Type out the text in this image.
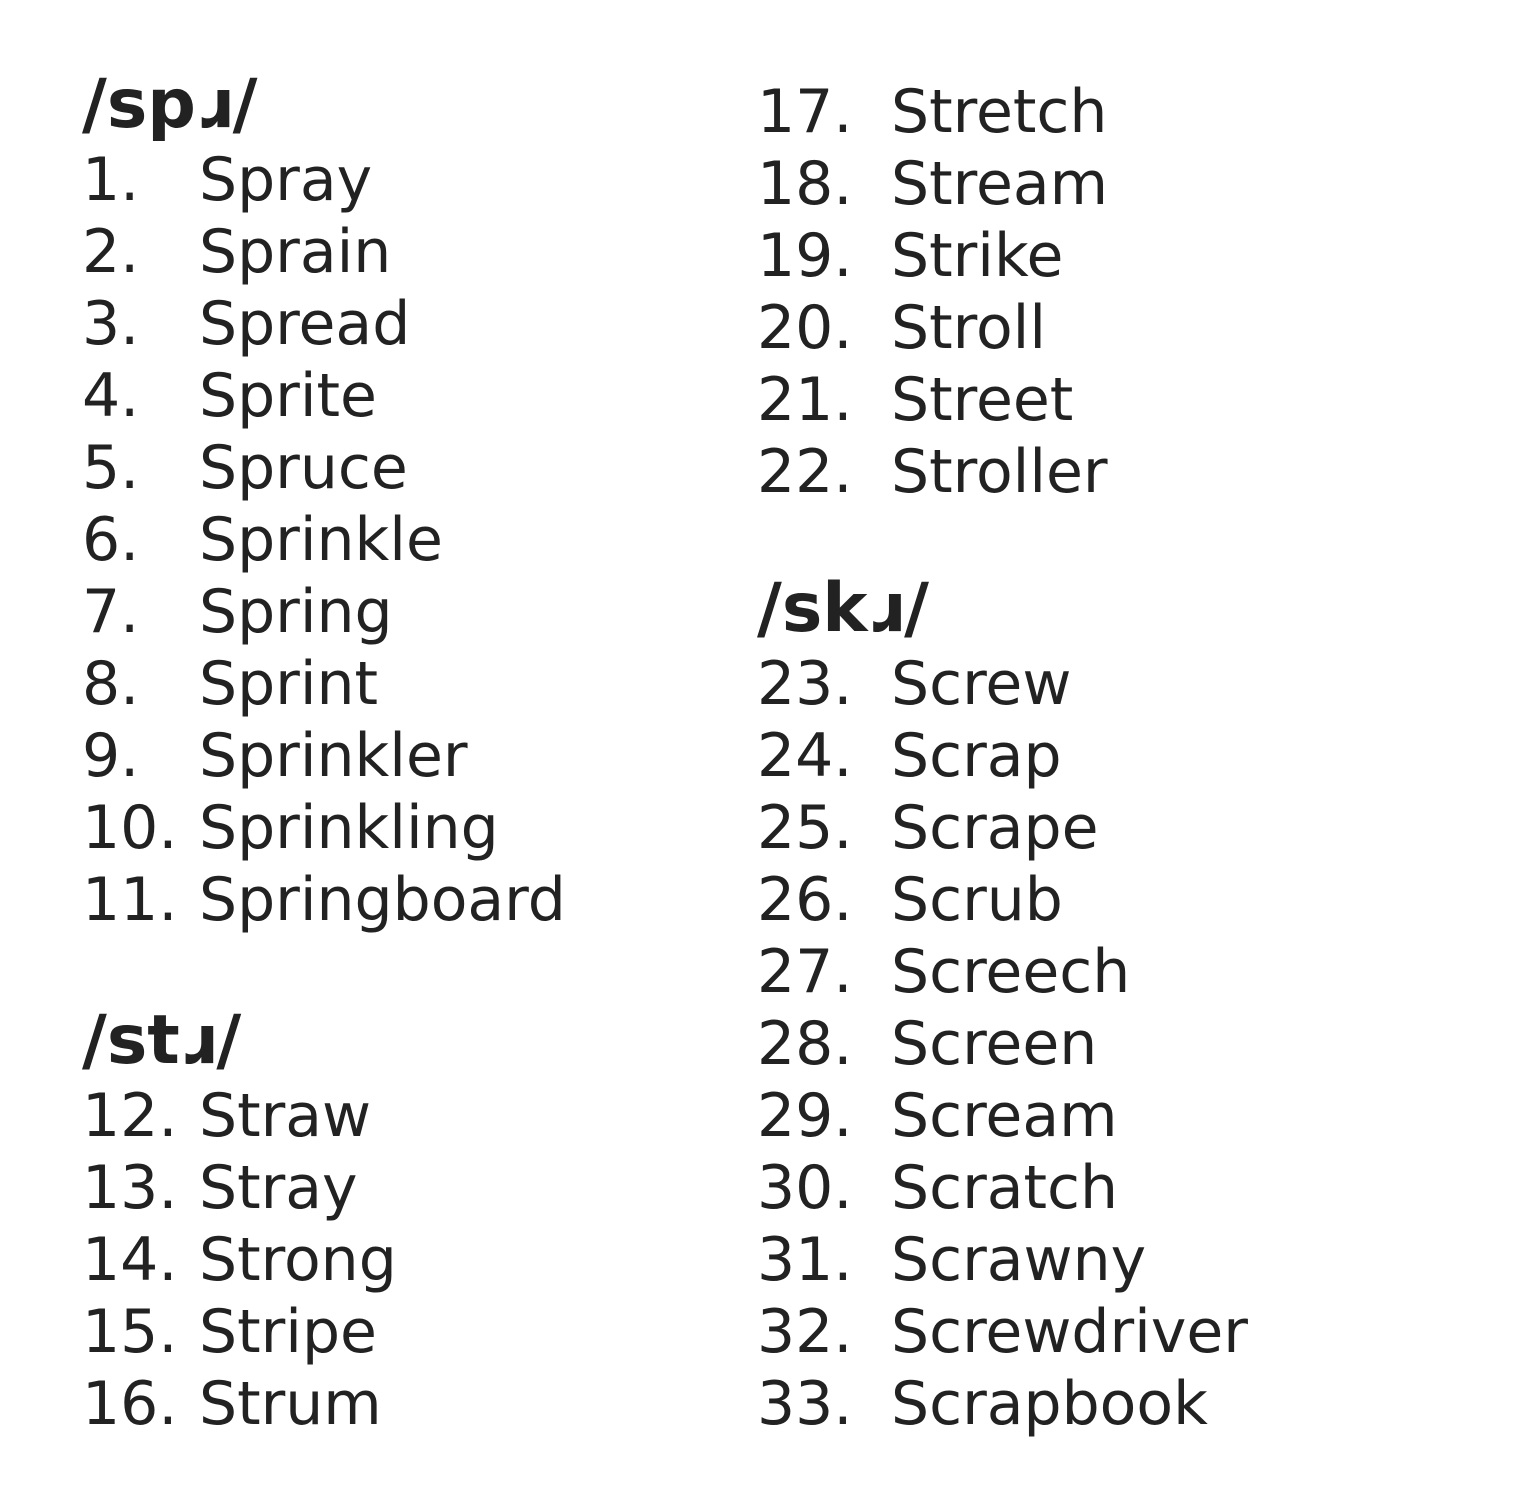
/spɹ/
1. Spray
2. Sprain
3. Spread
4. Sprite
5. Spruce
6. Sprinkle
7. Spring
8. Sprint
9. Sprinkler
10. Sprinkling
11. Springboard
/stɹ/
12. Straw
13. Stray
14. Strong
15. Stripe
16. Strum
17. Stretch
18. Stream
19. Strike
20. Stroll
21. Street
22. Stroller
/skɹ/
23. Screw
24. Scrap
25. Scrape
26. Scrub
27. Screech
28. Screen
29. Scream
30. Scratch
31. Scrawny
32. Screwdriver
33. Scrapbook
